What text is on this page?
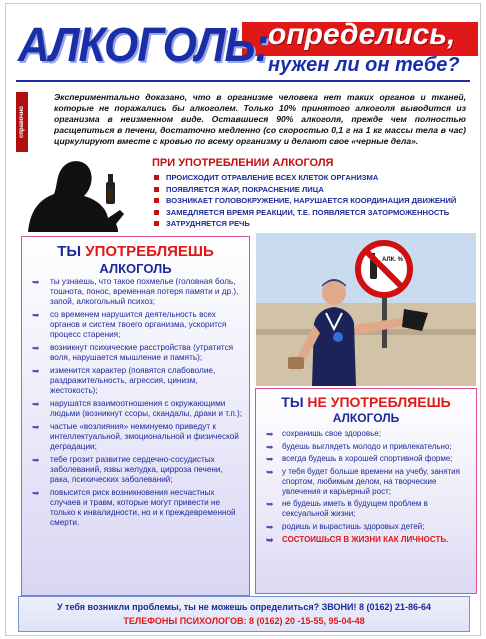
АЛКОГОЛЬ: определись,
нужен ли он тебе?
справочно
Экспериментально доказано, что в организме человека нет таких органов и тканей, которые не поражались бы алкоголем. Только 10% принятого алкоголя выводится из организма в неизменном виде. Оставшиеся 90% алкоголя, прежде чем полностью расщепиться в печени, достаточно медленно (со скоростью 0,1 г на 1 кг массы тела в час) циркулируют вместе с кровью по всему организму и делают свое «черные дела».
ПРИ УПОТРЕБЛЕНИИ АЛКОГОЛЯ
ПРОИСХОДИТ ОТРАВЛЕНИЕ ВСЕХ КЛЕТОК ОРГАНИЗМА
ПОЯВЛЯЕТСЯ ЖАР, ПОКРАСНЕНИЕ ЛИЦА
ВОЗНИКАЕТ ГОЛОВОКРУЖЕНИЕ, НАРУШАЕТСЯ КООРДИНАЦИЯ ДВИЖЕНИЙ
ЗАМЕДЛЯЕТСЯ ВРЕМЯ РЕАКЦИИ, Т.Е. ПОЯВЛЯЕТСЯ ЗАТОРМОЖЕННОСТЬ
ЗАТРУДНЯЕТСЯ РЕЧЬ
ТЫ УПОТРЕБЛЯЕШЬ
АЛКОГОЛЬ
➥ ты узнаешь, что такое похмелье (головная боль, тошнота, понос, временная потеря памяти и др.), запой, алкогольный психоз;
➥ со временем нарушится деятельность всех органов и систем твоего организма, ускорится процесс старения;
➥ возникнут психические расстройства (утратится воля, нарушается мышление и память);
➥ изменится характер (появятся слабоволие, раздражительность, агрессия, цинизм, жестокость);
➥ нарушатся взаимоотношения с окружающими людьми (возникнут ссоры, скандалы, драки и т.п.);
➥ частые «возлияния» неминуемо приведут к интеллектуальной, эмоциональной и физической деградации;
➥ тебе грозит развитие сердечно-сосудистых заболеваний, язвы желудка, цирроза печени, рака, психических заболеваний;
➥ повысится риск возникновения несчастных случаев и травм, которые могут привести не только к инвалидности, но и к преждевременной смерти.
АЛК. %
ТЫ НЕ УПОТРЕБЛЯЕШЬ
АЛКОГОЛЬ
➥ сохранишь свое здоровье;
➥ будешь выглядеть молодо и привлекательно;
➥ всегда будешь в хорошей спортивной форме;
➥ у тебя будет больше времени на учебу, занятия спортом, любимым делом, на творческие увлечения и карьерный рост;
➥ не будешь иметь в будущем проблем в сексуальной жизни;
➥ родишь и вырастишь здоровых детей;
➥ СОСТОИШЬСЯ В ЖИЗНИ КАК ЛИЧНОСТЬ.
У тебя возникли проблемы, ты не можешь определиться? ЗВОНИ! 8 (0162) 21-86-64
ТЕЛЕФОНЫ ПСИХОЛОГОВ: 8 (0162) 20 -15-55, 95-04-48
